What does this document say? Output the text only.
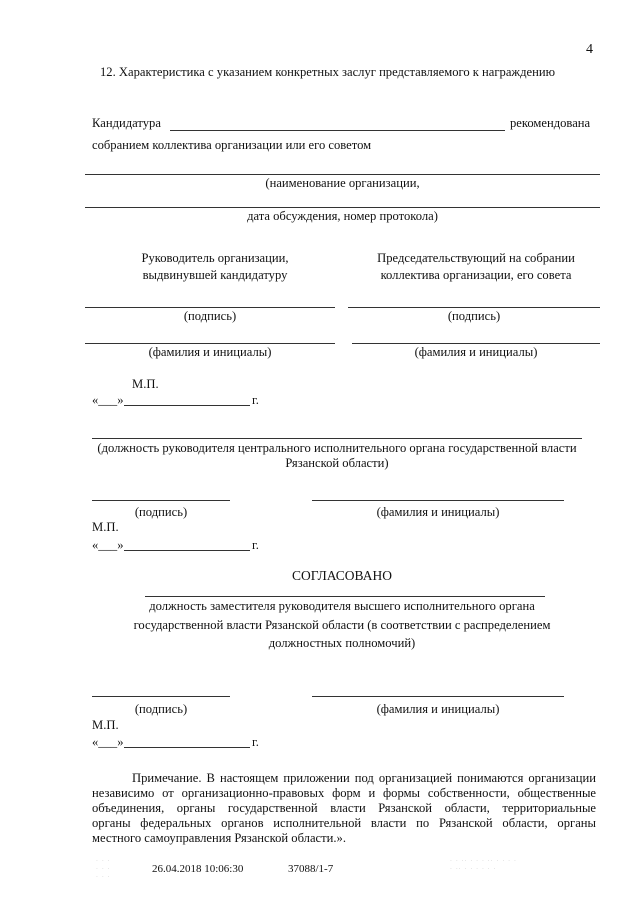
4
12. Характеристика с указанием конкретных заслуг представляемого к награждению
Кандидатура	рекомендована
собранием коллектива организации или его советом
(наименование организации,
дата обсуждения, номер протокола)
Руководитель организации,
выдвинувшей кандидатуру
Председательствующий на собрании
коллектива организации, его совета
(подпись)	(подпись)
(фамилия и инициалы)	(фамилия и инициалы)
М.П.
«___»	г.
(должность руководителя центрального исполнительного органа государственной власти
Рязанской области)
(подпись)	(фамилия и инициалы)
М.П.
«___»	г.
СОГЛАСОВАНО
должность заместителя руководителя высшего исполнительного органа
государственной власти Рязанской области (в соответствии с распределением
должностных полномочий)
(подпись)	(фамилия и инициалы)
М.П.
«___»	г.
Примечание. В настоящем приложении под организацией понимаются организации
независимо от организационно-правовых форм и формы собственности, общественные
объединения, органы государственной власти Рязанской области, территориальные
органы федеральных органов исполнительной власти по Рязанской области, органы
местного самоуправления Рязанской области.».
26.04.2018 10:06:30	37088/1-7
· · ·
· · ·
· · ·
· · ·· · · · ·· · · · ·
· ·· · · · · · ·
